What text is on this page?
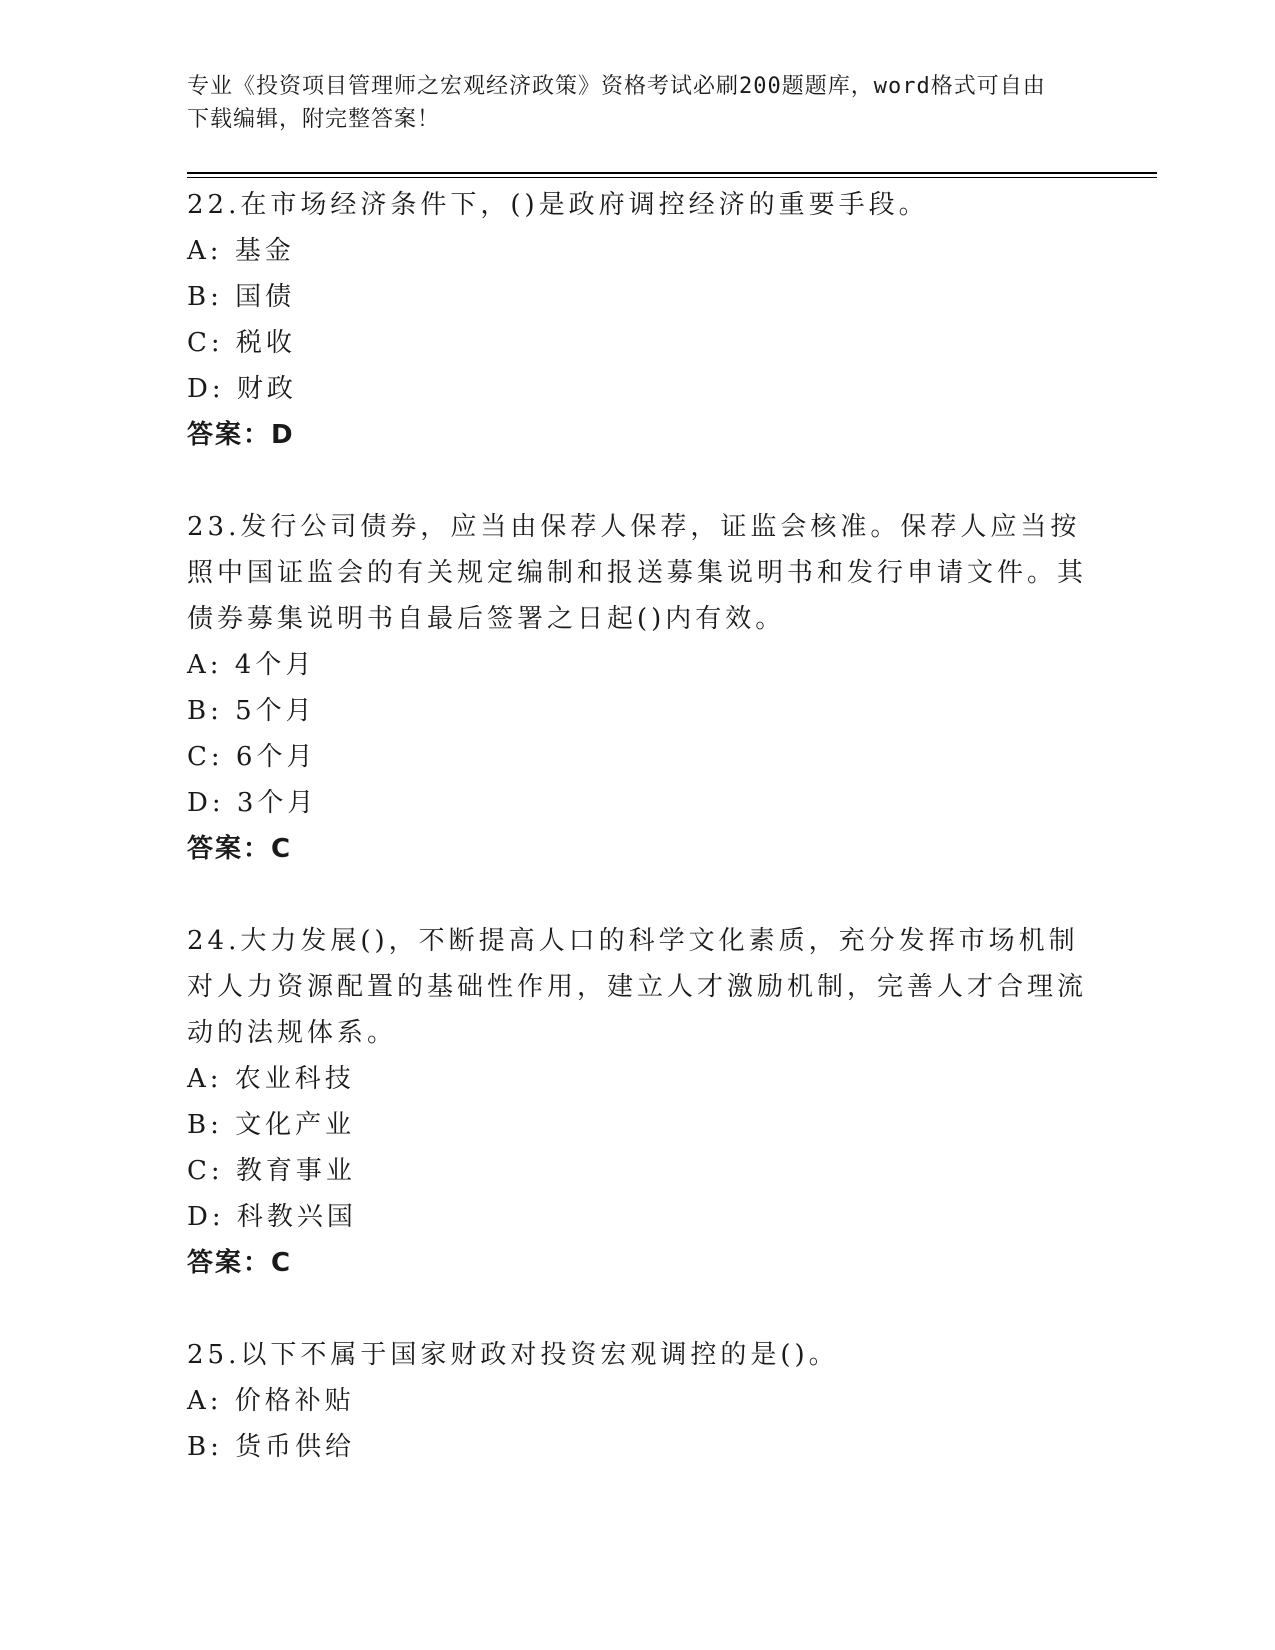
专业《投资项目管理师之宏观经济政策》资格考试必刷200题题库，word格式可自由下载编辑，附完整答案！

22.在市场经济条件下，()是政府调控经济的重要手段。

A: 基金

B: 国债

C: 税收

D: 财政

答案：D

23.发行公司债券，应当由保荐人保荐，证监会核准。保荐人应当按照中国证监会的有关规定编制和报送募集说明书和发行申请文件。其债券募集说明书自最后签署之日起()内有效。

A: 4个月

B: 5个月

C: 6个月

D: 3个月

答案：C

24.大力发展()，不断提高人口的科学文化素质，充分发挥市场机制对人力资源配置的基础性作用，建立人才激励机制，完善人才合理流动的法规体系。

A: 农业科技

B: 文化产业

C: 教育事业

D: 科教兴国

答案：C

25.以下不属于国家财政对投资宏观调控的是()。

A: 价格补贴

B: 货币供给
